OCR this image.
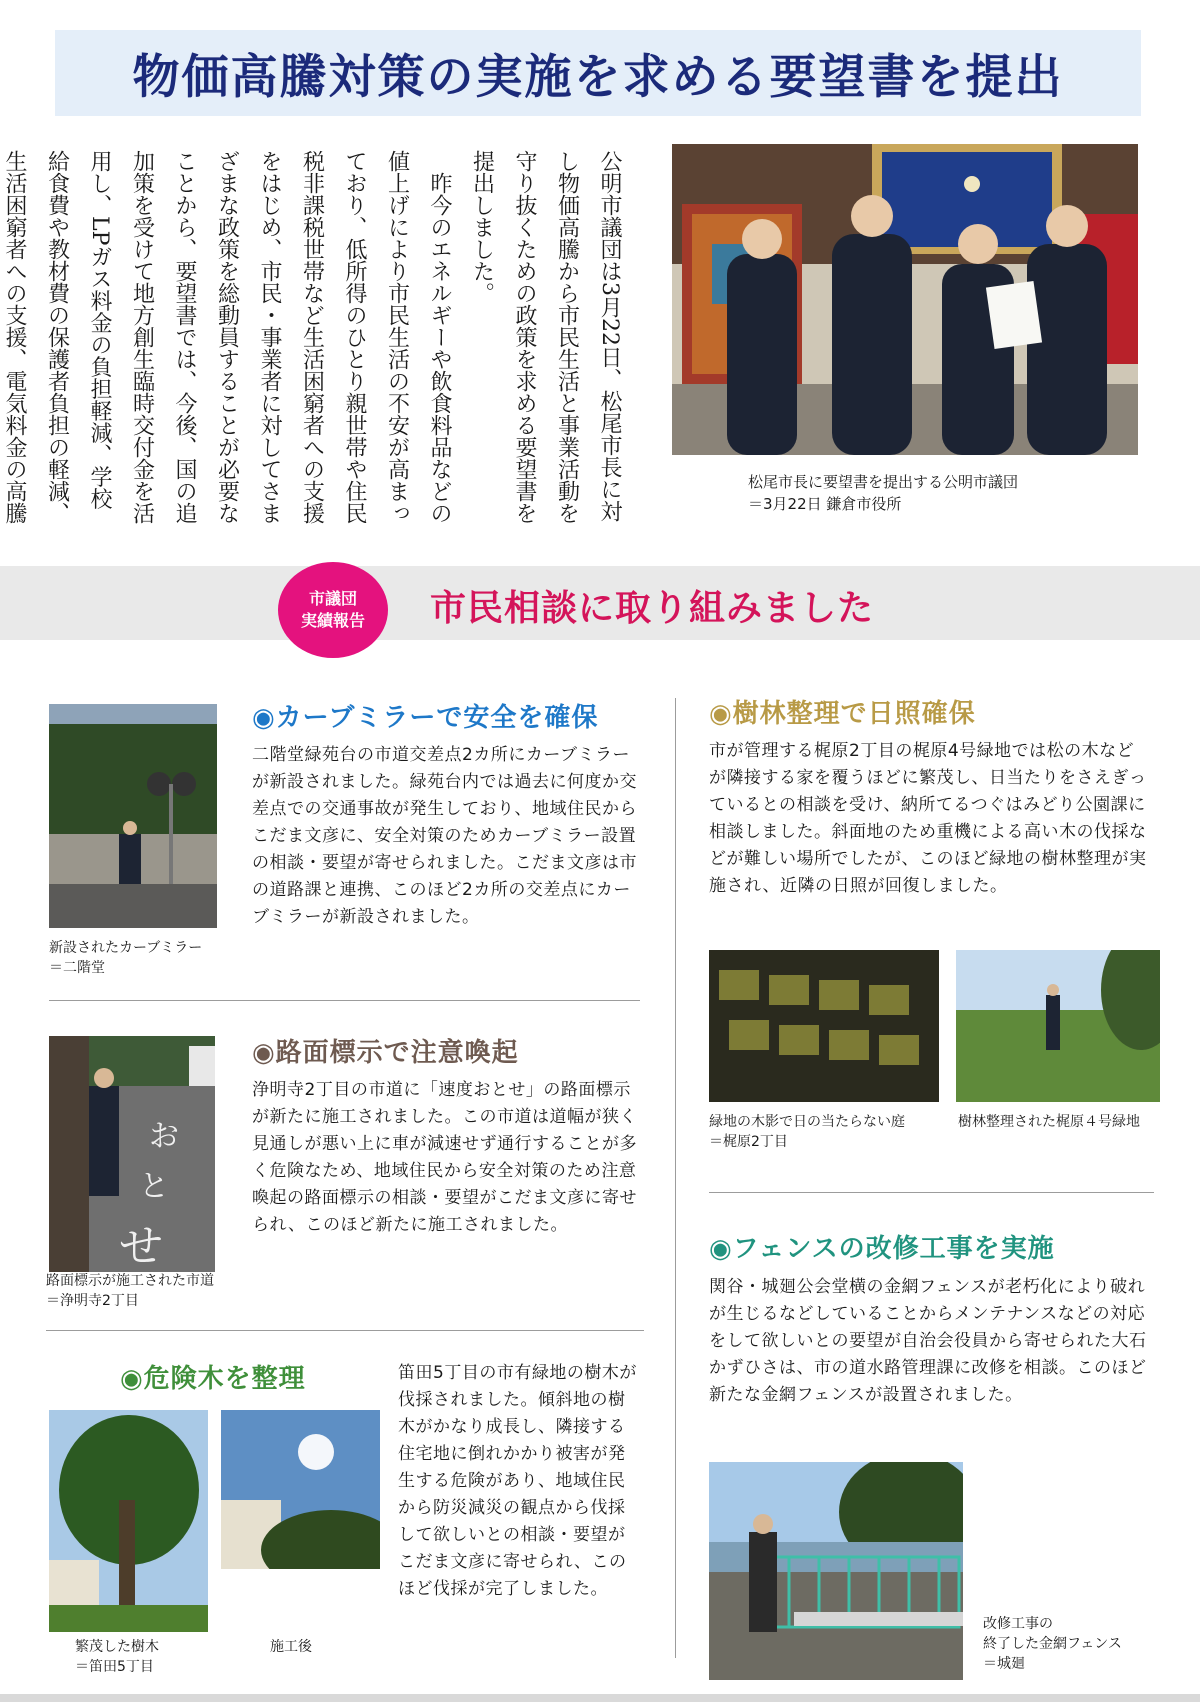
物価高騰対策の実施を求める要望書を提出

公明市議団は3月22日、松尾市長に対し物価高騰から市民生活と事業活動を守り抜くための政策を求める要望書を提出しました。

昨今のエネルギーや飲食料品などの値上げにより市民生活の不安が高まっており、低所得のひとり親世帯や住民税非課税世帯など生活困窮者への支援をはじめ、市民・事業者に対してさまざまな政策を総動員することが必要なことから、要望書では、今後、国の追加策を受けて地方創生臨時交付金を活用し、LPガス料金の負担軽減、学校給食費や教材費の保護者負担の軽減、生活困窮者への支援、電気料金の高騰

松尾市長に要望書を提出する公明市議団
＝3月22日 鎌倉市役所
市議団
実績報告	市民相談に取り組みました
新設されたカーブミラー
＝二階堂
◉カーブミラーで安全を確保
二階堂緑苑台の市道交差点2カ所にカーブミラーが新設されました。緑苑台内では過去に何度か交差点での交通事故が発生しており、地域住民からこだま文彦に、安全対策のためカーブミラー設置の相談・要望が寄せられました。こだま文彦は市の道路課と連携、このほど2カ所の交差点にカーブミラーが新設されました。
お
と
せ
路面標示が施工された市道
＝浄明寺2丁目
◉路面標示で注意喚起
浄明寺2丁目の市道に「速度おとせ」の路面標示が新たに施工されました。この市道は道幅が狭く見通しが悪い上に車が減速せず通行することが多く危険なため、地域住民から安全対策のため注意喚起の路面標示の相談・要望がこだま文彦に寄せられ、このほど新たに施工されました。
◉危険木を整理
繁茂した樹木
＝笛田5丁目
施工後
笛田5丁目の市有緑地の樹木が伐採されました。傾斜地の樹木がかなり成長し、隣接する住宅地に倒れかかり被害が発生する危険があり、地域住民から防災減災の観点から伐採して欲しいとの相談・要望がこだま文彦に寄せられ、このほど伐採が完了しました。
◉樹林整理で日照確保
市が管理する梶原2丁目の梶原4号緑地では松の木などが隣接する家を覆うほどに繁茂し、日当たりをさえぎっているとの相談を受け、納所てるつぐはみどり公園課に相談しました。斜面地のため重機による高い木の伐採などが難しい場所でしたが、このほど緑地の樹林整理が実施され、近隣の日照が回復しました。
緑地の木影で日の当たらない庭
＝梶原2丁目
樹林整理された梶原４号緑地
◉フェンスの改修工事を実施
関谷・城廻公会堂横の金網フェンスが老朽化により破れが生じるなどしていることからメンテナンスなどの対応をして欲しいとの要望が自治会役員から寄せられた大石かずひさは、市の道水路管理課に改修を相談。このほど新たな金網フェンスが設置されました。
改修工事の
終了した金網フェンス
＝城廻
